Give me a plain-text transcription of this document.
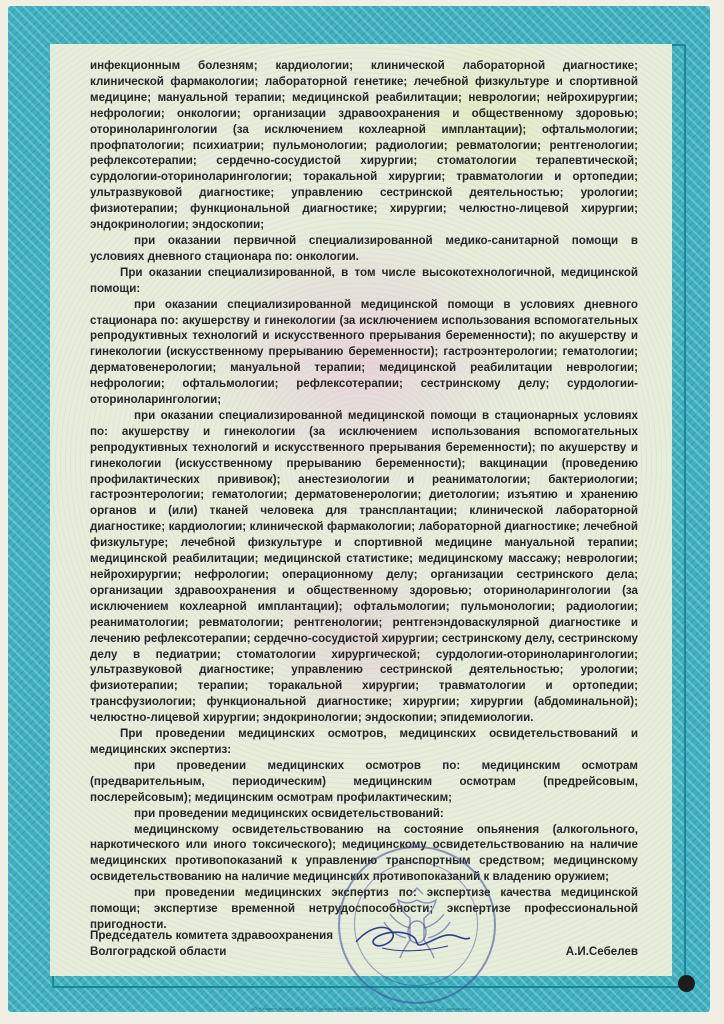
инфекционным болезням; кардиологии; клинической лабораторной диагностике; клинической фармакологии; лабораторной генетике; лечебной физкультуре и спортивной медицине; мануальной терапии; медицинской реабилитации; неврологии; нейрохирургии; нефрологии; онкологии; организации здравоохранения и общественному здоровью; оториноларингологии (за исключением кохлеарной имплантации); офтальмологии; профпатологии; психиатрии; пульмонологии; радиологии; ревматологии; рентгенологии; рефлексотерапии; сердечно-сосудистой хирургии; стоматологии терапевтической; сурдологии-оториноларингологии; торакальной хирургии; травматологии и ортопедии; ультразвуковой диагностике; управлению сестринской деятельностью; урологии; физиотерапии; функциональной диагностике; хирургии; челюстно-лицевой хирургии; эндокринологии; эндоскопии;

при оказании первичной специализированной медико-санитарной помощи в условиях дневного стационара по: онкологии.

При оказании специализированной, в том числе высокотехнологичной, медицинской помощи:

при оказании специализированной медицинской помощи в условиях дневного стационара по: акушерству и гинекологии (за исключением использования вспомогательных репродуктивных технологий и искусственного прерывания беременности); по акушерству и гинекологии (искусственному прерыванию беременности); гастроэнтерологии; гематологии; дерматовенерологии; мануальной терапии; медицинской реабилитации неврологии; нефрологии; офтальмологии; рефлексотерапии; сестринскому делу; сурдологии-оториноларингологии;

при оказании специализированной медицинской помощи в стационарных условиях по: акушерству и гинекологии (за исключением использования вспомогательных репродуктивных технологий и искусственного прерывания беременности); по акушерству и гинекологии (искусственному прерыванию беременности); вакцинации (проведению профилактических прививок); анестезиологии и реаниматологии; бактериологии; гастроэнтерологии; гематологии; дерматовенерологии; диетологии; изъятию и хранению органов и (или) тканей человека для трансплантации; клинической лабораторной диагностике; кардиологии; клинической фармакологии; лабораторной диагностике; лечебной физкультуре; лечебной физкультуре и спортивной медицине мануальной терапии; медицинской реабилитации; медицинской статистике; медицинскому массажу; неврологии; нейрохирургии; нефрологии; операционному делу; организации сестринского дела; организации здравоохранения и общественному здоровью; оториноларингологии (за исключением кохлеарной имплантации); офтальмологии; пульмонологии; радиологии; реаниматологии; ревматологии; рентгенологии; рентгенэндоваскулярной диагностике и лечению рефлексотерапии; сердечно-сосудистой хирургии; сестринскому делу, сестринскому делу в педиатрии; стоматологии хирургической; сурдологии-оториноларингологии; ультразвуковой диагностике; управлению сестринской деятельностью; урологии; физиотерапии; терапии; торакальной хирургии; травматологии и ортопедии; трансфузиологии; функциональной диагностике; хирургии; хирургии (абдоминальной); челюстно-лицевой хирургии; эндокринологии; эндоскопии; эпидемиологии.

При проведении медицинских осмотров, медицинских освидетельствований и медицинских экспертиз:

при проведении медицинских осмотров по: медицинским осмотрам (предварительным, периодическим) медицинским осмотрам (предрейсовым, послерейсовым); медицинским осмотрам профилактическим;

при проведении медицинских освидетельствований:

медицинскому освидетельствованию на состояние опьянения (алкогольного, наркотического или иного токсического); медицинскому освидетельствованию на наличие медицинских противопоказаний к управлению транспортным средством; медицинскому освидетельствованию на наличие медицинских противопоказаний к владению оружием;

при проведении медицинских экспертиз по: экспертизе качества медицинской помощи; экспертизе временной нетрудоспособности; экспертизе профессиональной пригодности.

Председатель комитета здравоохранения
Волгоградской области	А.И.Себелев
АО «Опцион», Москва, 2018 г., «Б», Лицензия № 05-05-09/003 ФНС РФ, ТЗ № 008. Тел.: (495) 726-47-42, www.opcion.ru
